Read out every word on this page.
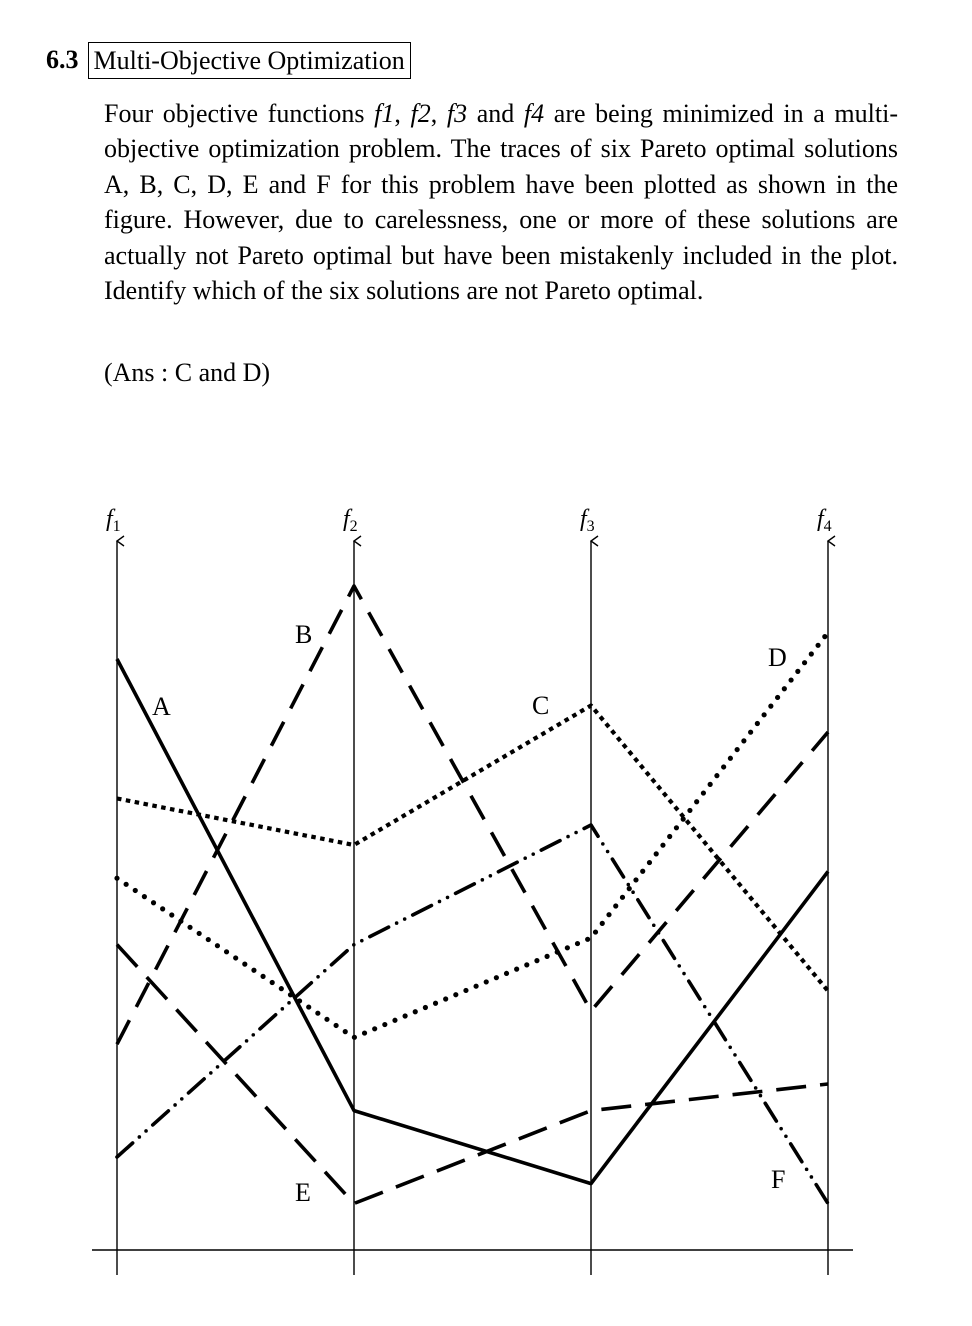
6.3 Multi-Objective Optimization

Four objective functions f1, f2, f3 and f4 are being minimized in a multi-objective optimization problem. The traces of six Pareto optimal solutions A, B, C, D, E and F for this problem have been plotted as shown in the figure. However, due to carelessness, one or more of these solutions are actually not Pareto optimal but have been mistakenly included in the plot. Identify which of the six solutions are not Pareto optimal.

(Ans : C and D)

$f_1$	$f_2$	$f_3$	$f_4$
A
B
C
D
E	F
